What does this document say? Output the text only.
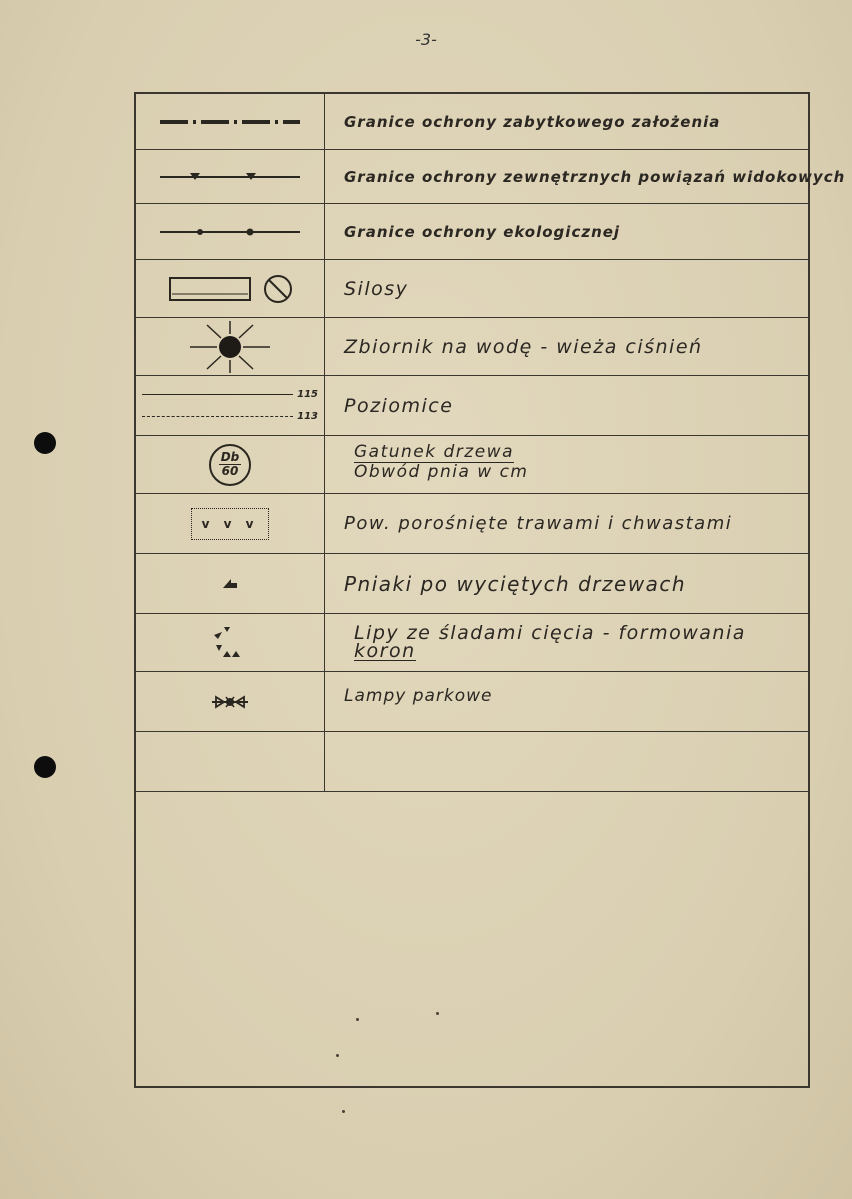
-3-
Granice ochrony zabytkowego założenia
Granice ochrony zewnętrznych powiązań widokowych
Granice ochrony ekologicznej
Silosy
Zbiornik na wodę - wieża ciśnień
115
113 Poziomice
Db
60
Gatunek drzewa
Obwód pnia w cm
v v v	Pow. porośnięte trawami i chwastami
Pniaki po wyciętych drzewach
Lipy ze śladami cięcia - formowania
koron
Lampy parkowe
